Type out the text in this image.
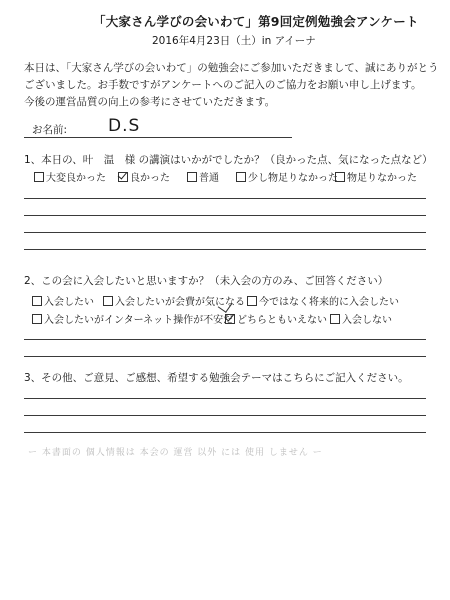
「大家さん学びの会いわて」第9回定例勉強会アンケート
2016年4月23日（土）in アイーナ
本日は、「大家さん学びの会いわて」の勉強会にご参加いただきまして、誠にありがとう
ございました。お手数ですがアンケートへのご記入のご協力をお願い申し上げます。
今後の運営品質の向上の参考にさせていただきます。
お名前: D.S
1、本日の、叶　温　様 の講演はいかがでしたか？（良かった点、気になった点など）
大変良かった	良かった	普通	少し物足りなかった 物足りなかった
2、この会に入会したいと思いますか？（未入会の方のみ、ご回答ください）
入会したい	入会したいが会費が気になる	今ではなく将来的に入会したい
入会したいがインターネット操作が不安だ どちらともいえない	入会しない
3、その他、ご意見、ご感想、希望する勉強会テーマはこちらにご記入ください。
ー 本書面の 個人情報は 本会の 運営 以外 には 使用 しません ー
